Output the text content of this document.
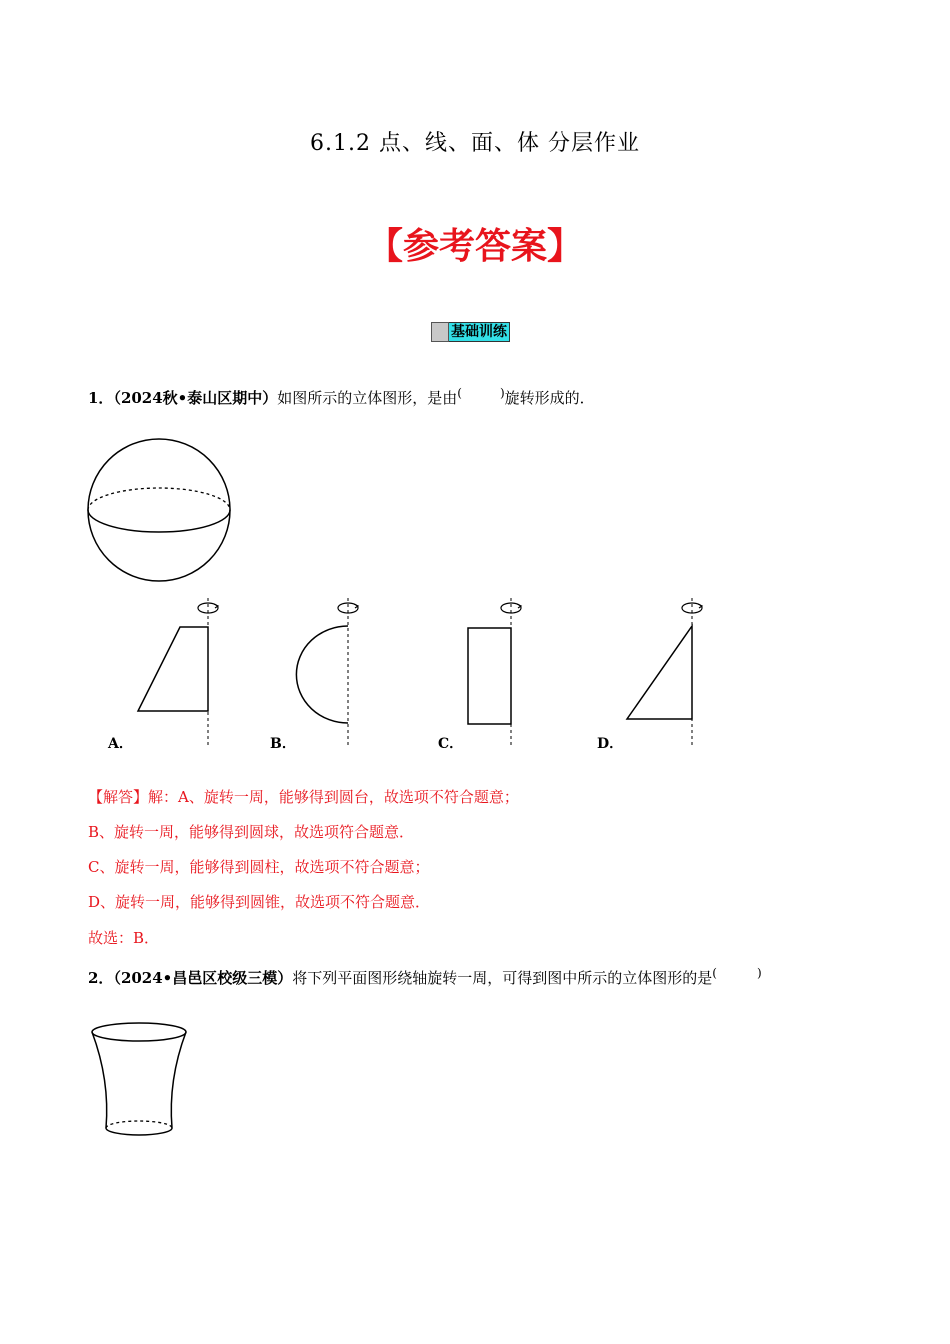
6.1.2 点、线、面、体 分层作业
【参考答案】
基础训练
1．（2024秋•泰山区期中）如图所示的立体图形，是由(	)旋转形成的．
A．	B．	C．	D．
【解答】解：A、旋转一周，能够得到圆台，故选项不符合题意；
B、旋转一周，能够得到圆球，故选项符合题意．
C、旋转一周，能够得到圆柱，故选项不符合题意；
D、旋转一周，能够得到圆锥，故选项不符合题意．
故选：B．
2．（2024•昌邑区校级三模）将下列平面图形绕轴旋转一周，可得到图中所示的立体图形的是(	)
